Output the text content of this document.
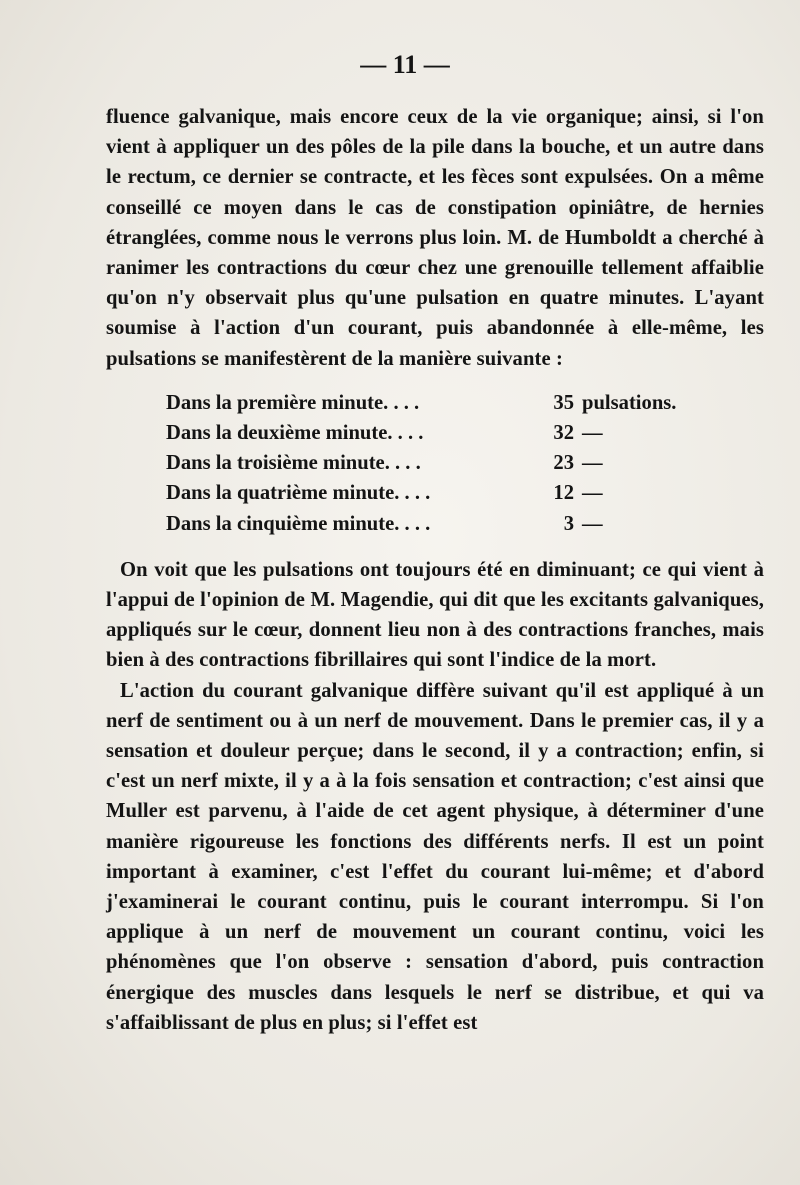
— 11 —

fluence galvanique, mais encore ceux de la vie organique; ainsi, si l'on vient à appliquer un des pôles de la pile dans la bouche, et un autre dans le rectum, ce dernier se contracte, et les fèces sont expulsées. On a même conseillé ce moyen dans le cas de constipation opiniâtre, de hernies étranglées, comme nous le verrons plus loin. M. de Humboldt a cherché à ranimer les contractions du cœur chez une grenouille tellement affaiblie qu'on n'y observait plus qu'une pulsation en quatre minutes. L'ayant soumise à l'action d'un courant, puis abandonnée à elle-même, les pulsations se manifestèrent de la manière suivante :

Dans la première minute. . . .	35 pulsations.
Dans la deuxième minute. . . .	32 —
Dans la troisième minute. . . .	23 —
Dans la quatrième minute. . . .	12 —
Dans la cinquième minute. . . .	3 —

On voit que les pulsations ont toujours été en diminuant; ce qui vient à l'appui de l'opinion de M. Magendie, qui dit que les excitants galvaniques, appliqués sur le cœur, donnent lieu non à des contractions franches, mais bien à des contractions fibrillaires qui sont l'indice de la mort.

L'action du courant galvanique diffère suivant qu'il est appliqué à un nerf de sentiment ou à un nerf de mouvement. Dans le premier cas, il y a sensation et douleur perçue; dans le second, il y a contraction; enfin, si c'est un nerf mixte, il y a à la fois sensation et contraction; c'est ainsi que Muller est parvenu, à l'aide de cet agent physique, à déterminer d'une manière rigoureuse les fonctions des différents nerfs. Il est un point important à examiner, c'est l'effet du courant lui-même; et d'abord j'examinerai le courant continu, puis le courant interrompu. Si l'on applique à un nerf de mouvement un courant continu, voici les phénomènes que l'on observe : sensation d'abord, puis contraction énergique des muscles dans lesquels le nerf se distribue, et qui va s'affaiblissant de plus en plus; si l'effet est
